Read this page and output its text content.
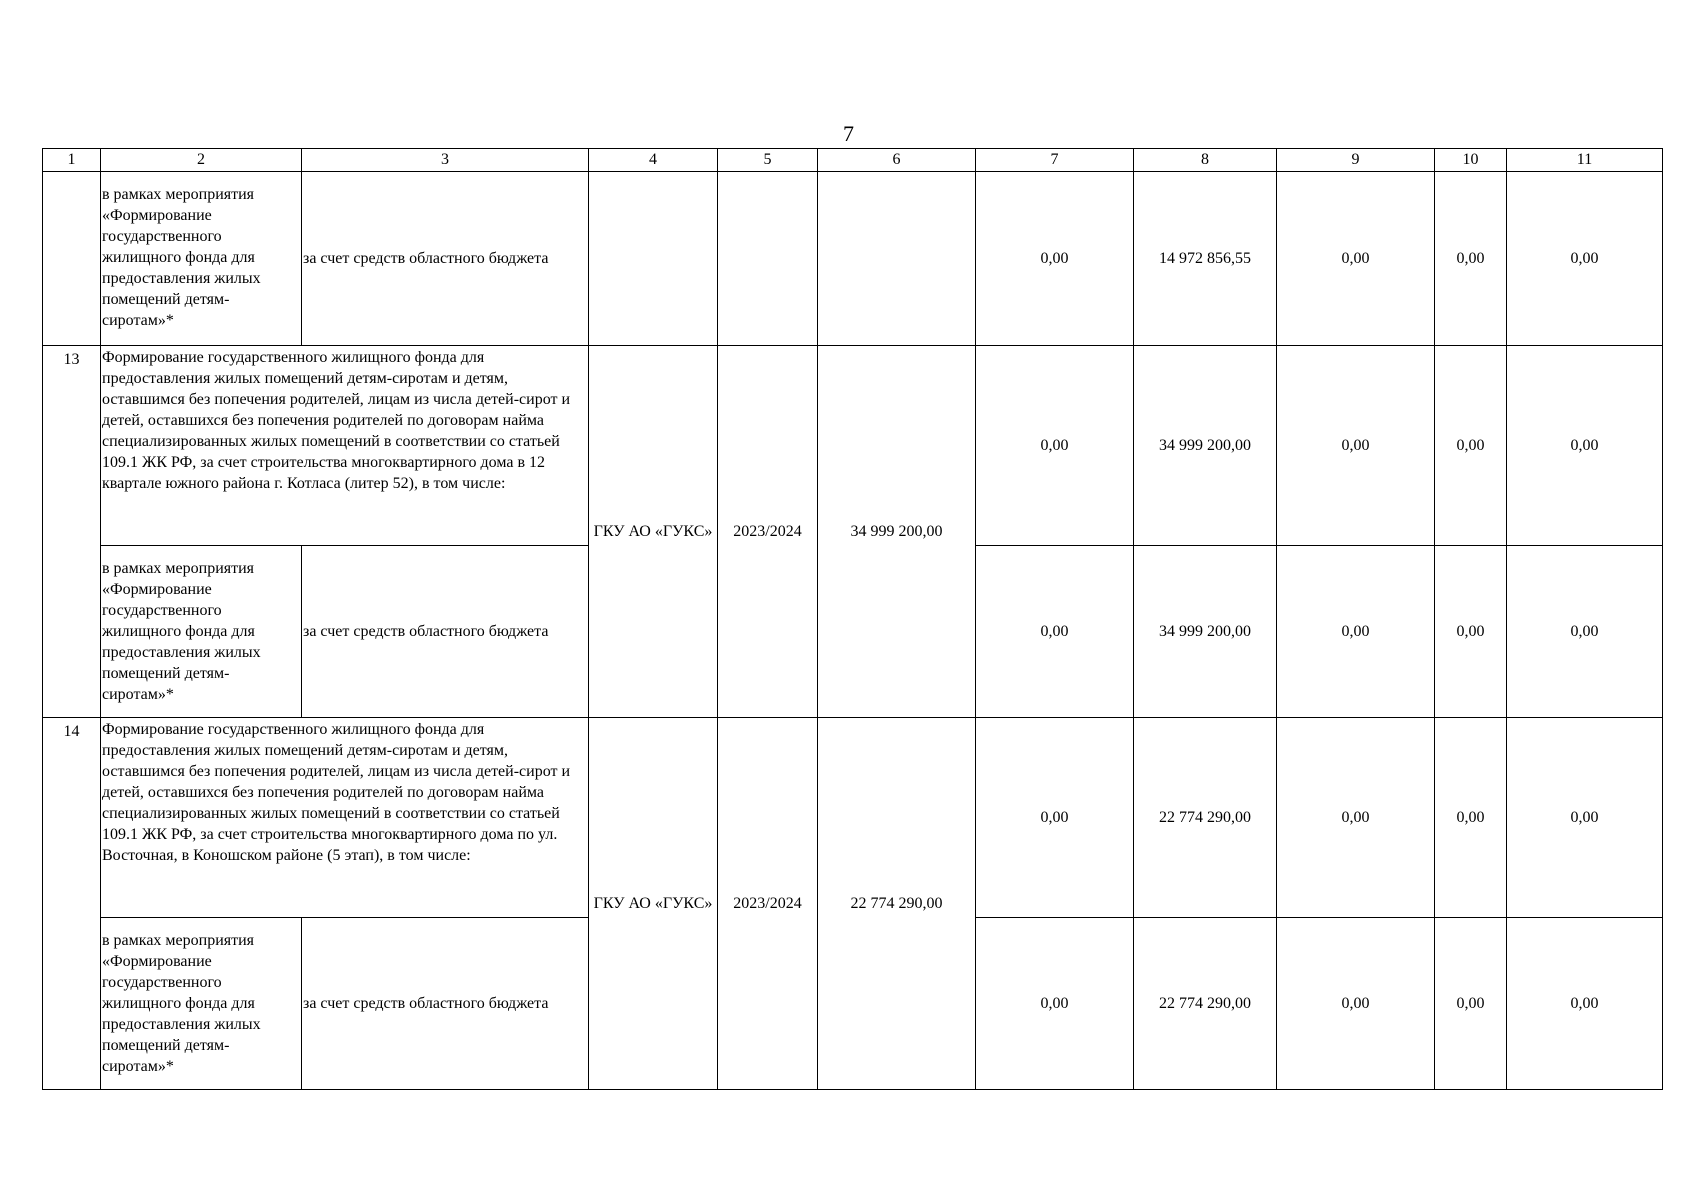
7
1	2	3	4	5	6	7	8	9	10	11
	в рамках мероприятия «Формирование государственного жилищного фонда для предоставления жилых помещений детям-сиротам»*	за счет средств областного бюджета				0,00	14 972 856,55	0,00	0,00	0,00
13	Формирование государственного жилищного фонда для предоставления жилых помещений детям-сиротам и детям, оставшимся без попечения родителей, лицам из числа детей-сирот и детей, оставшихся без попечения родителей по договорам найма специализированных жилых помещений в соответствии со статьей 109.1 ЖК РФ, за счет строительства многоквартирного дома в 12 квартале южного района г. Котласа (литер 52), в том числе:		ГКУ АО «ГУКС»	2023/2024	34 999 200,00	0,00	34 999 200,00	0,00	0,00	0,00
	в рамках мероприятия «Формирование государственного жилищного фонда для предоставления жилых помещений детям-сиротам»*	за счет средств областного бюджета				0,00	34 999 200,00	0,00	0,00	0,00
14	Формирование государственного жилищного фонда для предоставления жилых помещений детям-сиротам и детям, оставшимся без попечения родителей, лицам из числа детей-сирот и детей, оставшихся без попечения родителей по договорам найма специализированных жилых помещений в соответствии со статьей 109.1 ЖК РФ, за счет строительства многоквартирного дома по ул. Восточная, в Коношском районе (5 этап), в том числе:		ГКУ АО «ГУКС»	2023/2024	22 774 290,00	0,00	22 774 290,00	0,00	0,00	0,00
	в рамках мероприятия «Формирование государственного жилищного фонда для предоставления жилых помещений детям-сиротам»*	за счет средств областного бюджета				0,00	22 774 290,00	0,00	0,00	0,00
